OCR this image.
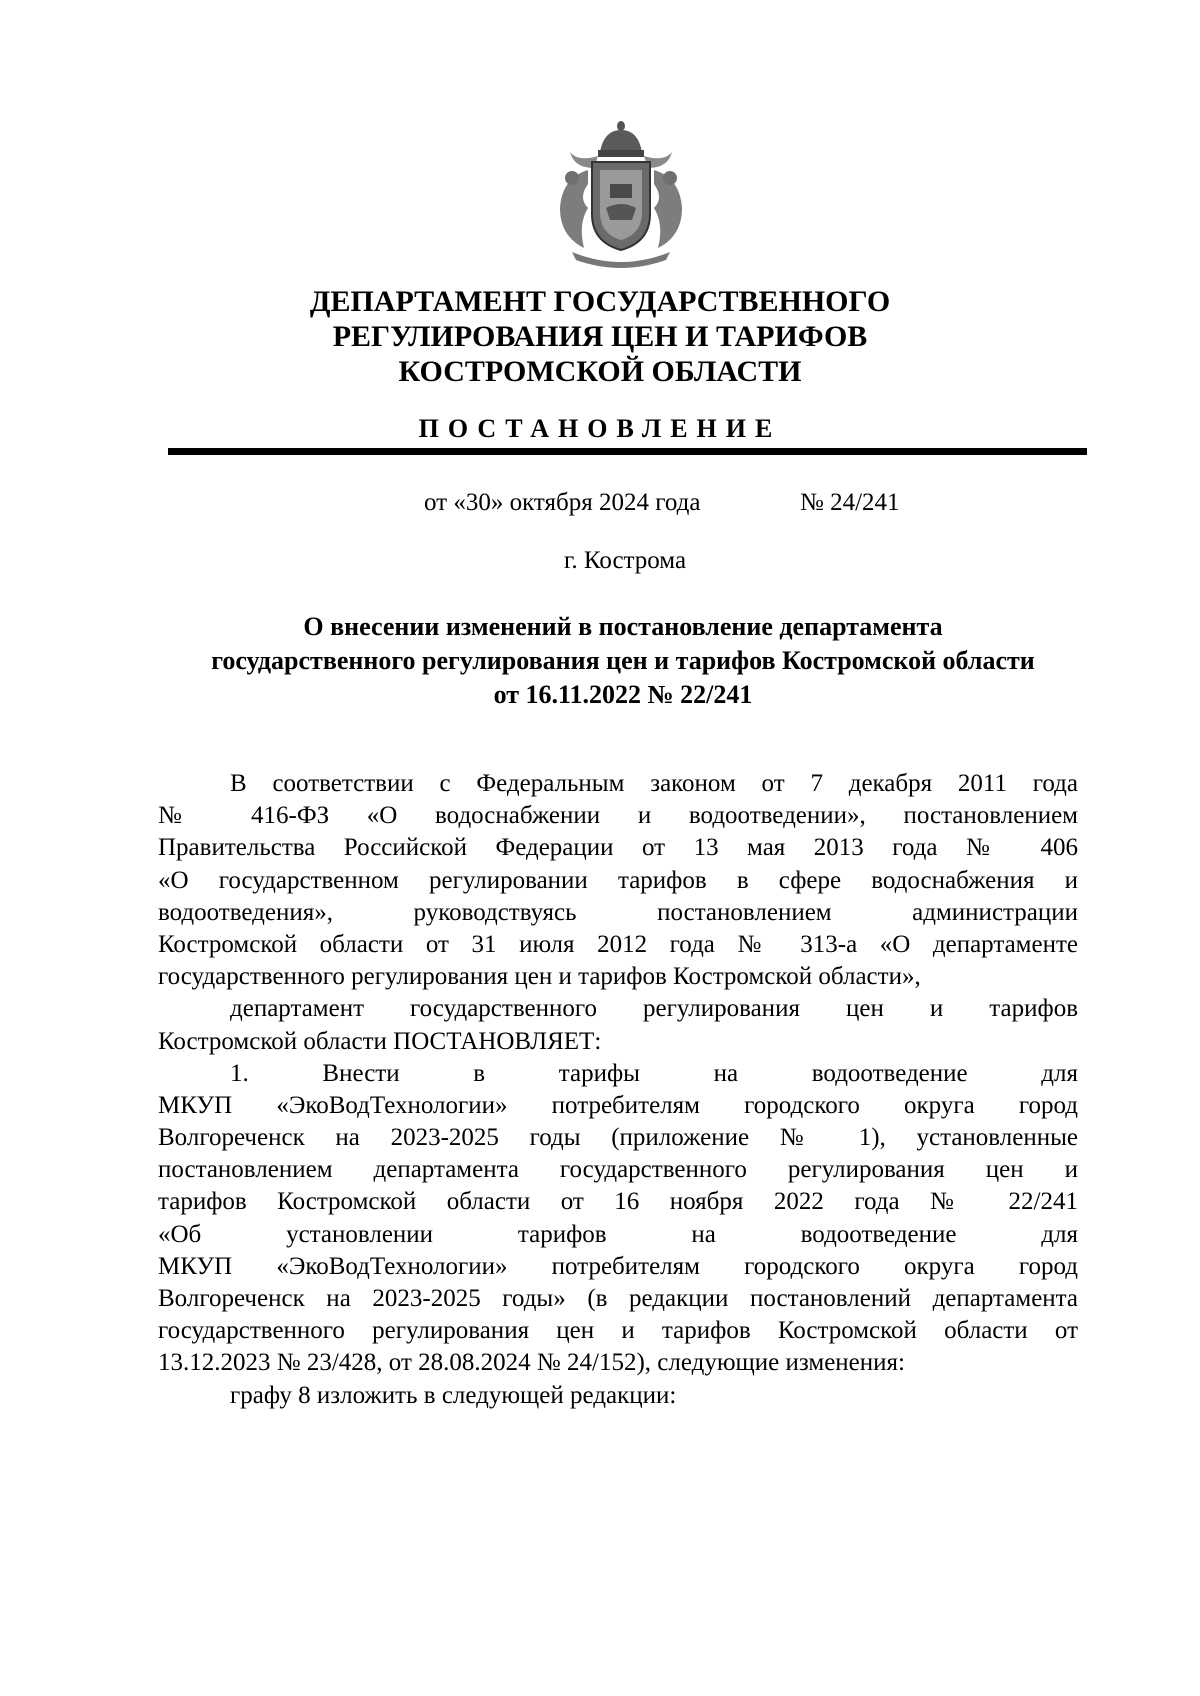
ДЕПАРТАМЕНТ ГОСУДАРСТВЕННОГО
РЕГУЛИРОВАНИЯ ЦЕН И ТАРИФОВ
КОСТРОМСКОЙ ОБЛАСТИ
ПОСТАНОВЛЕНИЕ
от «30» октября 2024 года	№ 24/241
г. Кострома
О внесении изменений в постановление департамента
государственного регулирования цен и тарифов Костромской области
от 16.11.2022 № 22/241
В соответствии с Федеральным законом от 7 декабря 2011 года
№ 416-ФЗ «О водоснабжении и водоотведении», постановлением
Правительства Российской Федерации от 13 мая 2013 года № 406
«О государственном регулировании тарифов в сфере водоснабжения и
водоотведения», руководствуясь постановлением администрации
Костромской области от 31 июля 2012 года № 313-а «О департаменте
государственного регулирования цен и тарифов Костромской области»,
департамент государственного регулирования цен и тарифов
Костромской области ПОСТАНОВЛЯЕТ:
1. Внести в тарифы на водоотведение для
МКУП «ЭкоВодТехнологии» потребителям городского округа город
Волгореченск на 2023-2025 годы (приложение № 1), установленные
постановлением департамента государственного регулирования цен и
тарифов Костромской области от 16 ноября 2022 года № 22/241
«Об установлении тарифов на водоотведение для
МКУП «ЭкоВодТехнологии» потребителям городского округа город
Волгореченск на 2023-2025 годы» (в редакции постановлений департамента
государственного регулирования цен и тарифов Костромской области от
13.12.2023 № 23/428, от 28.08.2024 № 24/152), следующие изменения:
графу 8 изложить в следующей редакции:
